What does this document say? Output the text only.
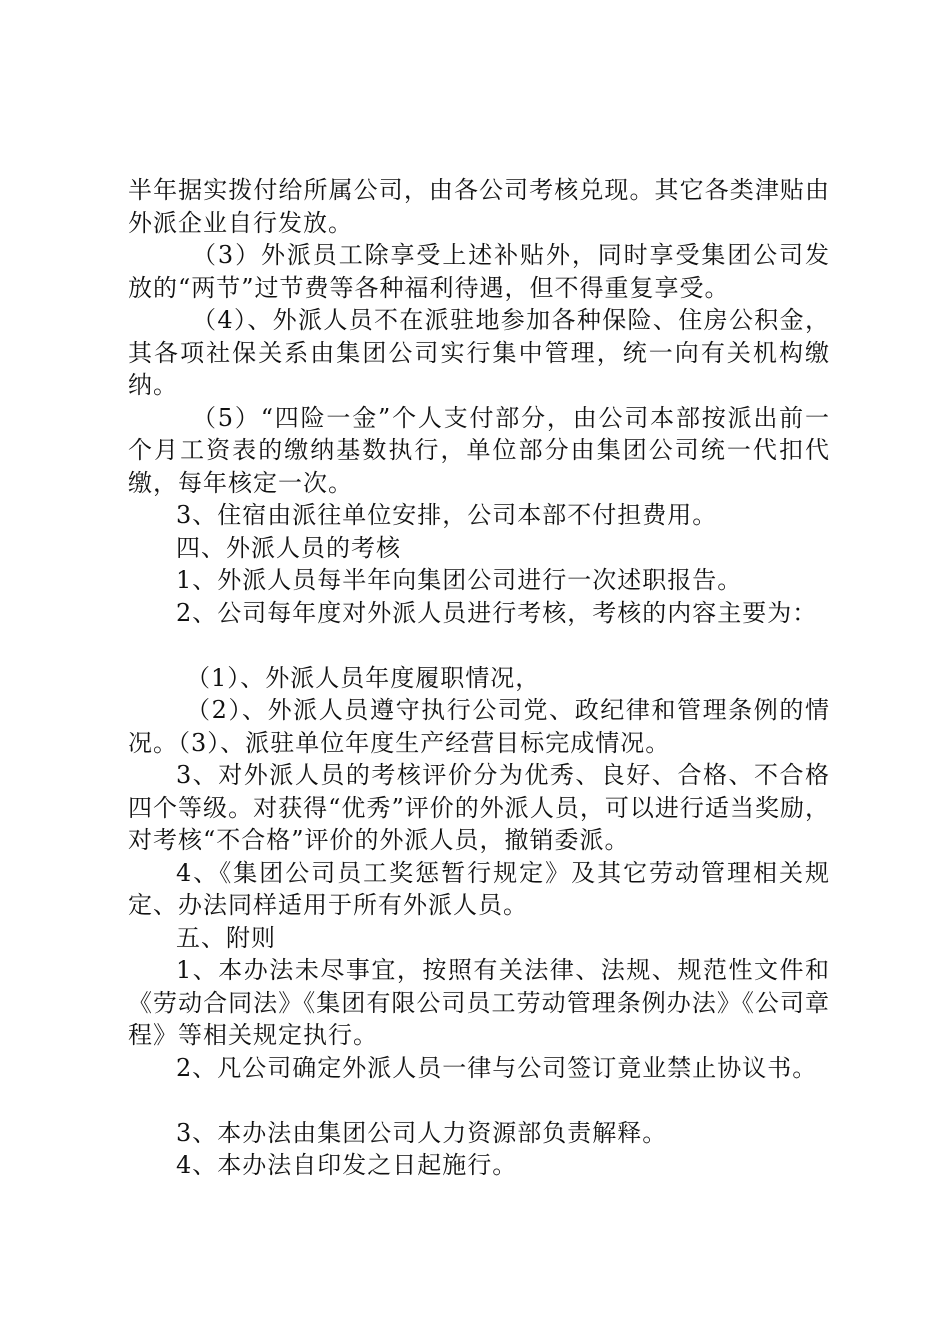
半年据实拨付给所属公司，由各公司考核兑现。其它各类津贴由外派企业自行发放。

（3）外派员工除享受上述补贴外，同时享受集团公司发放的“两节”过节费等各种福利待遇，但不得重复享受。

（4）、外派人员不在派驻地参加各种保险、住房公积金，其各项社保关系由集团公司实行集中管理，统一向有关机构缴纳。

（5）“四险一金”个人支付部分，由公司本部按派出前一个月工资表的缴纳基数执行，单位部分由集团公司统一代扣代缴，每年核定一次。

3、住宿由派往单位安排，公司本部不付担费用。

四、外派人员的考核

1、外派人员每半年向集团公司进行一次述职报告。

2、公司每年度对外派人员进行考核，考核的内容主要为：

（1）、外派人员年度履职情况，

（2）、外派人员遵守执行公司党、政纪律和管理条例的情况。（3）、派驻单位年度生产经营目标完成情况。

3、对外派人员的考核评价分为优秀、良好、合格、不合格四个等级。对获得“优秀”评价的外派人员，可以进行适当奖励，对考核“不合格”评价的外派人员，撤销委派。

4、《集团公司员工奖惩暂行规定》及其它劳动管理相关规定、办法同样适用于所有外派人员。

五、附则

1、本办法未尽事宜，按照有关法律、法规、规范性文件和《劳动合同法》《集团有限公司员工劳动管理条例办法》《公司章程》等相关规定执行。

2、凡公司确定外派人员一律与公司签订竟业禁止协议书。

3、本办法由集团公司人力资源部负责解释。

4、本办法自印发之日起施行。
